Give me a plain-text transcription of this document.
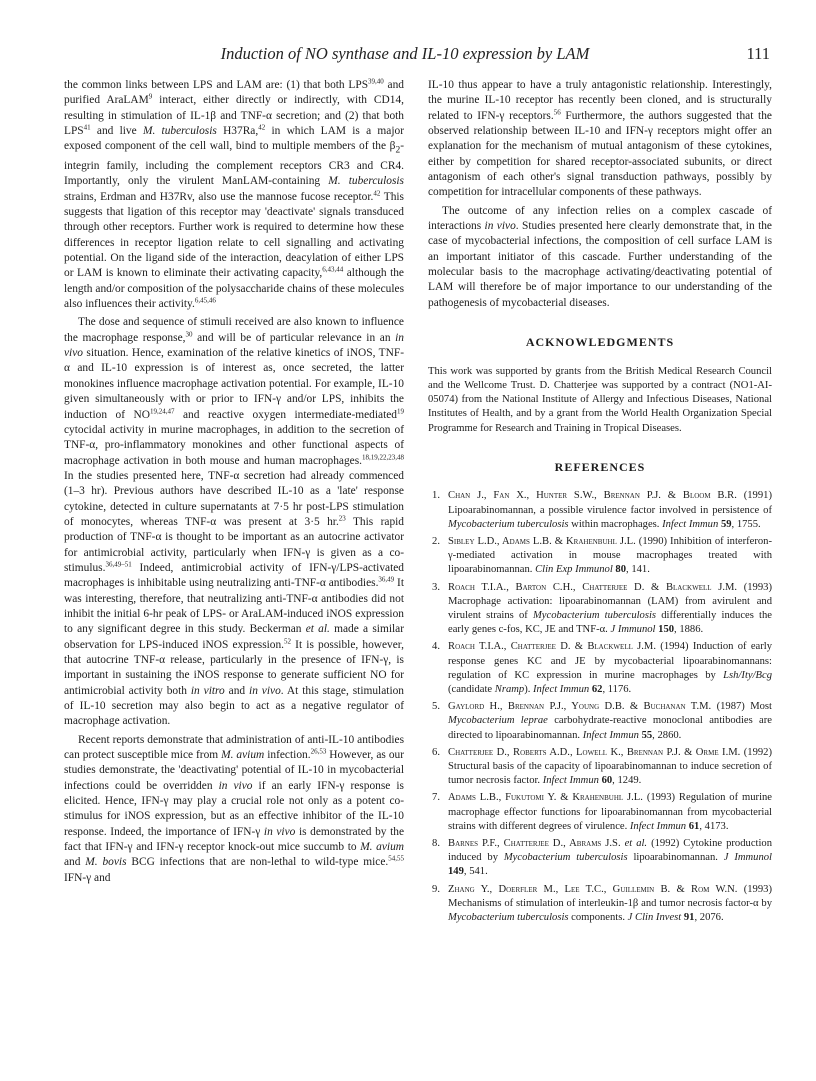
Induction of NO synthase and IL-10 expression by LAM	111

the common links between LPS and LAM are: (1) that both LPS$^{39,40}$ and purified AraLAM$^9$ interact, either directly or indirectly, with CD14, resulting in stimulation of IL-1β and TNF-α secretion; and (2) that both LPS$^{41}$ and live M. tuberculosis H37Ra,$^{42}$ in which LAM is a major exposed component of the cell wall, bind to multiple members of the $\beta_2$-integrin family, including the complement receptors CR3 and CR4. Importantly, only the virulent ManLAM-containing M. tuberculosis strains, Erdman and H37Rv, also use the mannose fucose receptor.$^{42}$ This suggests that ligation of this receptor may 'deactivate' signals transduced through other receptors. Further work is required to determine how these differences in receptor ligation relate to cell signalling and activating potential. On the ligand side of the interaction, deacylation of either LPS or LAM is known to eliminate their activating capacity,$^{6,43,44}$ although the length and/or composition of the polysaccharide chains of these molecules also influences their activity.$^{6,45,46}$

The dose and sequence of stimuli received are also known to influence the macrophage response,$^{30}$ and will be of particular relevance in an in vivo situation. Hence, examination of the relative kinetics of iNOS, TNF-α and IL-10 expression is of interest as, once secreted, the latter monokines influence macrophage activation potential. For example, IL-10 given simultaneously with or prior to IFN-γ and/or LPS, inhibits the induction of NO$^{19,24,47}$ and reactive oxygen intermediate-mediated$^{19}$ cytocidal activity in murine macrophages, in addition to the secretion of TNF-α, pro-inflammatory monokines and other functional aspects of macrophage activation in both mouse and human macrophages.$^{18,19,22,23,48}$ In the studies presented here, TNF-α secretion had already commenced (1–3 hr). Previous authors have described IL-10 as a 'late' response cytokine, detected in culture supernatants at 7·5 hr post-LPS stimulation of monocytes, whereas TNF-α was present at 3·5 hr.$^{23}$ This rapid production of TNF-α is thought to be important as an autocrine activator for antimicrobial activity, particularly when IFN-γ is given as a co-stimulus.$^{36,49-51}$ Indeed, antimicrobial activity of IFN-γ/LPS-activated macrophages is inhibitable using neutralizing anti-TNF-α antibodies.$^{36,49}$ It was interesting, therefore, that neutralizing anti-TNF-α antibodies did not inhibit the initial 6-hr peak of LPS- or AraLAM-induced iNOS expression to any significant degree in this study. Beckerman et al. made a similar observation for LPS-induced iNOS expression.$^{52}$ It is possible, however, that autocrine TNF-α release, particularly in the presence of IFN-γ, is important in sustaining the iNOS response to generate sufficient NO for antimicrobial activity both in vitro and in vivo. At this stage, stimulation of IL-10 secretion may also begin to act as a negative regulator of macrophage activation.

Recent reports demonstrate that administration of anti-IL-10 antibodies can protect susceptible mice from M. avium infection.$^{26,53}$ However, as our studies demonstrate, the 'deactivating' potential of IL-10 in mycobacterial infections could be overridden in vivo if an early IFN-γ response is elicited. Hence, IFN-γ may play a crucial role not only as a potent co-stimulus for iNOS expression, but as an effective inhibitor of the IL-10 response. Indeed, the importance of IFN-γ in vivo is demonstrated by the fact that IFN-γ and IFN-γ receptor knock-out mice succumb to M. avium and M. bovis BCG infections that are non-lethal to wild-type mice.$^{54,55}$ IFN-γ and

IL-10 thus appear to have a truly antagonistic relationship. Interestingly, the murine IL-10 receptor has recently been cloned, and is structurally related to IFN-γ receptors.$^{56}$ Furthermore, the authors suggested that the observed relationship between IL-10 and IFN-γ receptors might offer an explanation for the mechanism of mutual antagonism of these cytokines, either by competition for shared receptor-associated subunits, or direct antagonism of each other's signal transduction pathways, possibly by competition for intracellular components of these pathways.

The outcome of any infection relies on a complex cascade of interactions in vivo. Studies presented here clearly demonstrate that, in the case of mycobacterial infections, the composition of cell surface LAM is an important initiator of this cascade. Further understanding of the molecular basis to the macrophage activating/deactivating potential of LAM will therefore be of major importance to our understanding of the pathogenesis of mycobacterial diseases.

ACKNOWLEDGMENTS

This work was supported by grants from the British Medical Research Council and the Wellcome Trust. D. Chatterjee was supported by a contract (NO1-AI-05074) from the National Institute of Allergy and Infectious Diseases, National Institutes of Health, and by a grant from the World Health Organization Special Programme for Research and Training in Tropical Diseases.

REFERENCES

1. Chan J., Fan X., Hunter S.W., Brennan P.J. & Bloom B.R. (1991) Lipoarabinomannan, a possible virulence factor involved in persistence of Mycobacterium tuberculosis within macrophages. Infect Immun 59, 1755.
2. Sibley L.D., Adams L.B. & Krahenbuhl J.L. (1990) Inhibition of interferon-γ-mediated activation in mouse macrophages treated with lipoarabinomannan. Clin Exp Immunol 80, 141.
3. Roach T.I.A., Barton C.H., Chatterjee D. & Blackwell J.M. (1993) Macrophage activation: lipoarabinomannan (LAM) from avirulent and virulent strains of Mycobacterium tuberculosis differentially induces the early genes c-fos, KC, JE and TNF-α. J Immunol 150, 1886.
4. Roach T.I.A., Chatterjee D. & Blackwell J.M. (1994) Induction of early response genes KC and JE by mycobacterial lipoarabinomannans: regulation of KC expression in murine macrophages by Lsh/Ity/Bcg (candidate Nramp). Infect Immun 62, 1176.
5. Gaylord H., Brennan P.J., Young D.B. & Buchanan T.M. (1987) Most Mycobacterium leprae carbohydrate-reactive monoclonal antibodies are directed to lipoarabinomannan. Infect Immun 55, 2860.
6. Chatterjee D., Roberts A.D., Lowell K., Brennan P.J. & Orme I.M. (1992) Structural basis of the capacity of lipoarabinomannan to induce secretion of tumor necrosis factor. Infect Immun 60, 1249.
7. Adams L.B., Fukutomi Y. & Krahenbuhl J.L. (1993) Regulation of murine macrophage effector functions for lipoarabinomannan from mycobacterial strains with different degrees of virulence. Infect Immun 61, 4173.
8. Barnes P.F., Chatterjee D., Abrams J.S. et al. (1992) Cytokine production induced by Mycobacterium tuberculosis lipoarabinomannan. J Immunol 149, 541.
9. Zhang Y., Doerfler M., Lee T.C., Guillemin B. & Rom W.N. (1993) Mechanisms of stimulation of interleukin-1β and tumor necrosis factor-α by Mycobacterium tuberculosis components. J Clin Invest 91, 2076.
